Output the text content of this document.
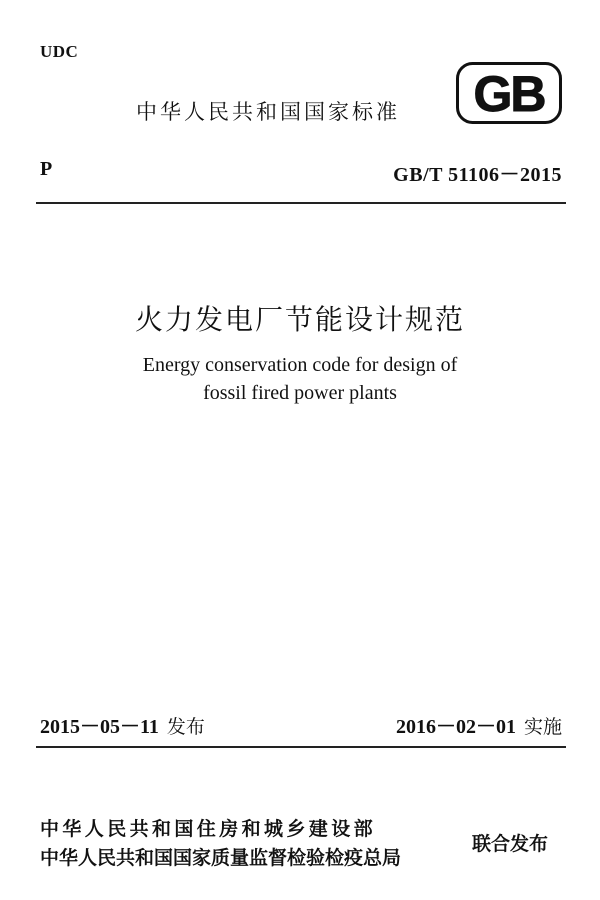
UDC
中华人民共和国国家标准 GB
P	GB/T 51106－2015
火力发电厂节能设计规范
Energy conservation code for design of
fossil fired power plants
2015－05－11 发布	2016－02－01 实施
中华人民共和国住房和城乡建设部
中华人民共和国国家质量监督检验检疫总局
联合发布
